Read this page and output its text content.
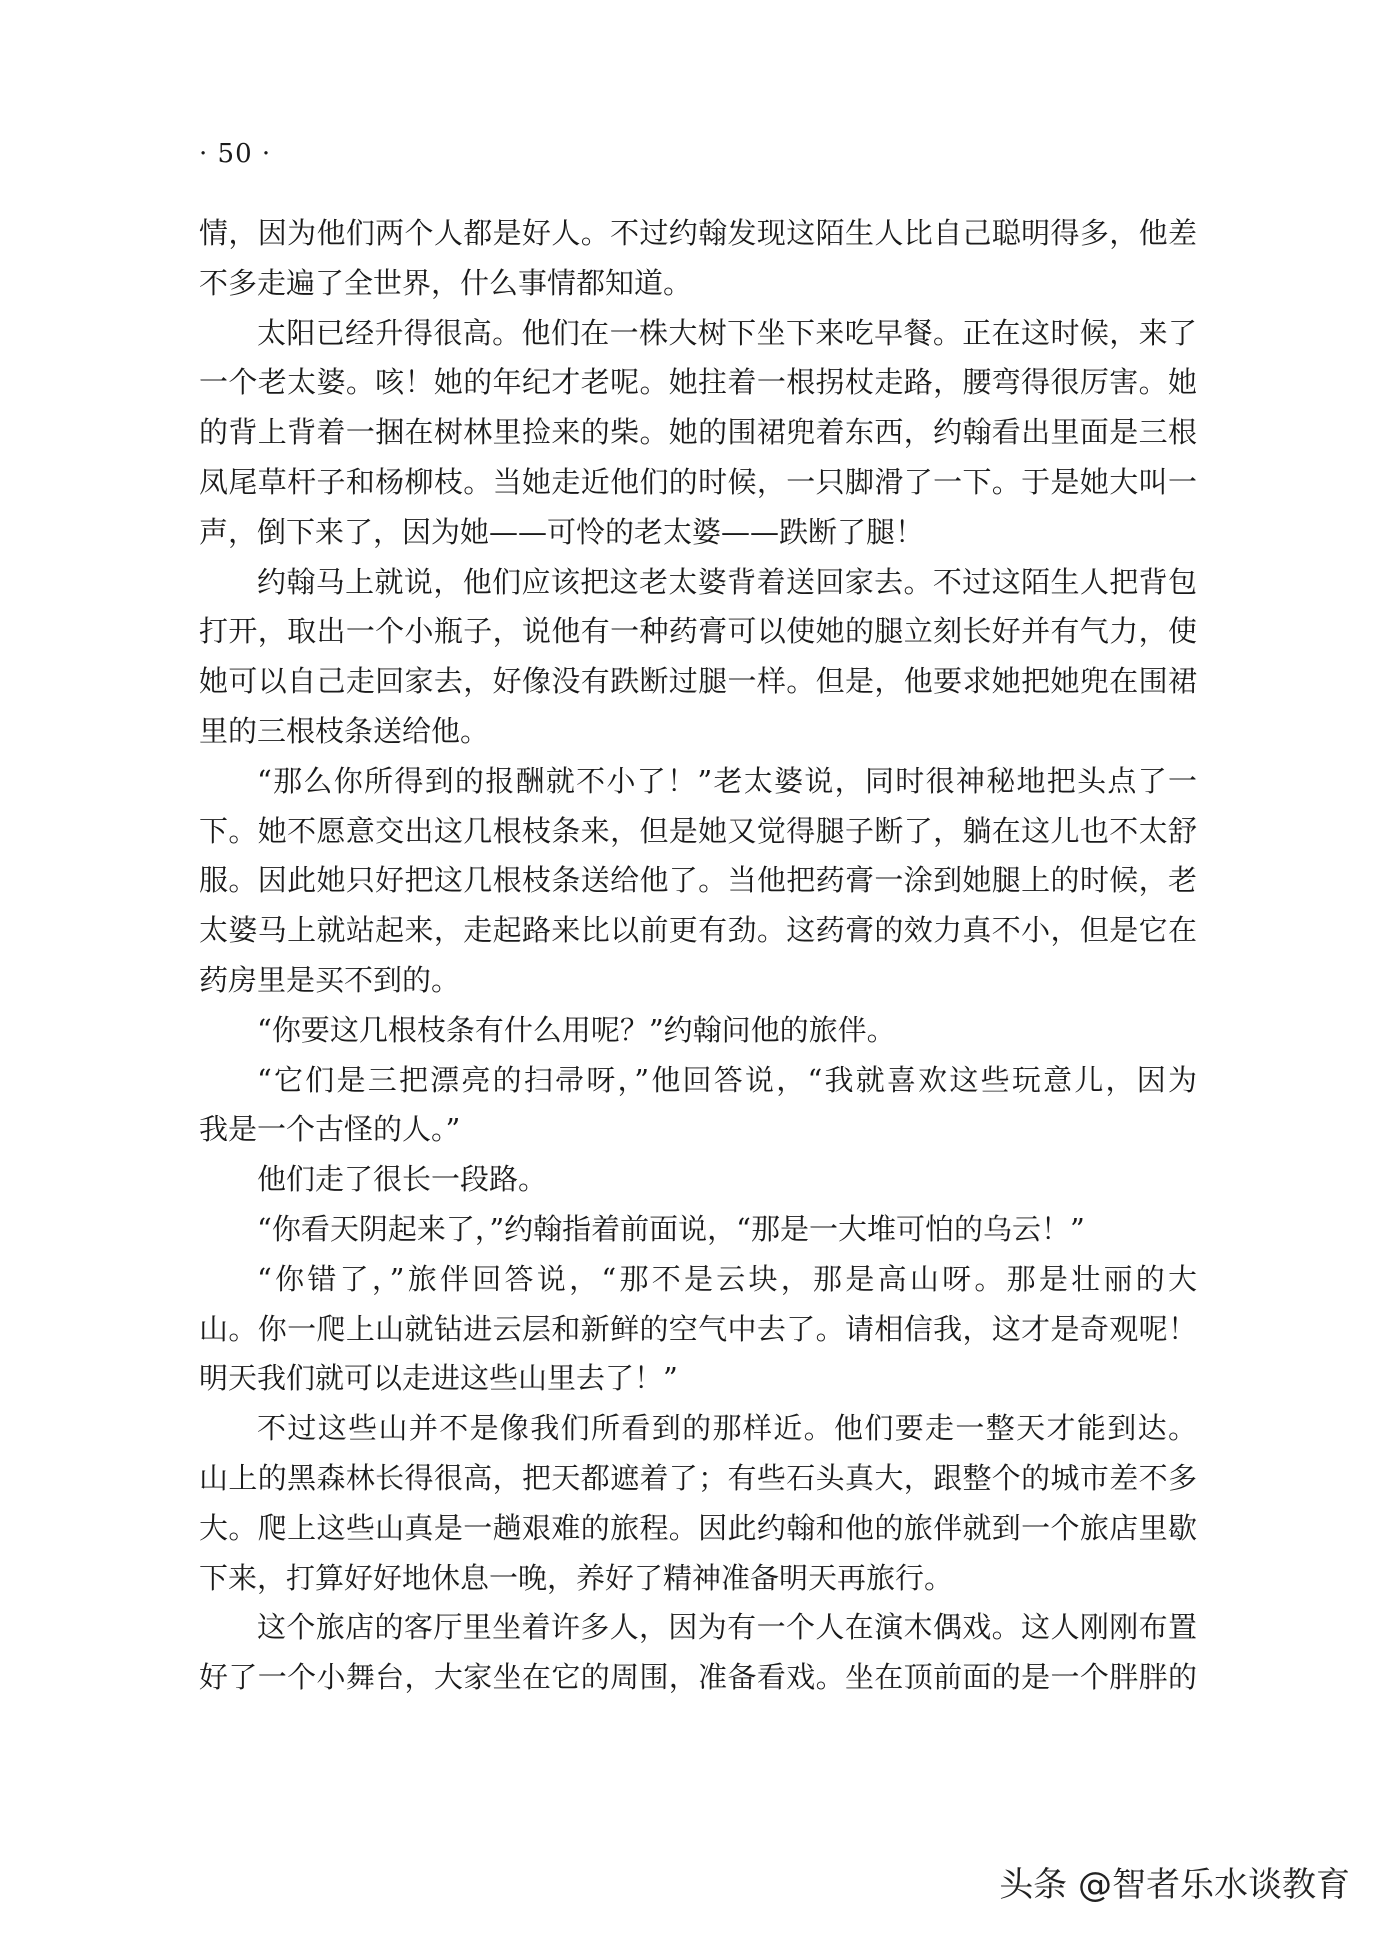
· 50 ·
情，因为他们两个人都是好人。不过约翰发现这陌生人比自己聪明得多，他差
不多走遍了全世界，什么事情都知道。
太阳已经升得很高。他们在一株大树下坐下来吃早餐。正在这时候，来了
一个老太婆。咳！她的年纪才老呢。她拄着一根拐杖走路，腰弯得很厉害。她
的背上背着一捆在树林里捡来的柴。她的围裙兜着东西，约翰看出里面是三根
凤尾草杆子和杨柳枝。当她走近他们的时候，一只脚滑了一下。于是她大叫一
声，倒下来了，因为她——可怜的老太婆——跌断了腿！
约翰马上就说，他们应该把这老太婆背着送回家去。不过这陌生人把背包
打开，取出一个小瓶子，说他有一种药膏可以使她的腿立刻长好并有气力，使
她可以自己走回家去，好像没有跌断过腿一样。但是，他要求她把她兜在围裙
里的三根枝条送给他。
“那么你所得到的报酬就不小了！”老太婆说，同时很神秘地把头点了一
下。她不愿意交出这几根枝条来，但是她又觉得腿子断了，躺在这儿也不太舒
服。因此她只好把这几根枝条送给他了。当他把药膏一涂到她腿上的时候，老
太婆马上就站起来，走起路来比以前更有劲。这药膏的效力真不小，但是它在
药房里是买不到的。
“你要这几根枝条有什么用呢？”约翰问他的旅伴。
“它们是三把漂亮的扫帚呀，”他回答说，“我就喜欢这些玩意儿，因为
我是一个古怪的人。”
他们走了很长一段路。
“你看天阴起来了，”约翰指着前面说，“那是一大堆可怕的乌云！”
“你错了，”旅伴回答说，“那不是云块，那是高山呀。那是壮丽的大
山。你一爬上山就钻进云层和新鲜的空气中去了。请相信我，这才是奇观呢！
明天我们就可以走进这些山里去了！”
不过这些山并不是像我们所看到的那样近。他们要走一整天才能到达。
山上的黑森林长得很高，把天都遮着了；有些石头真大，跟整个的城市差不多
大。爬上这些山真是一趟艰难的旅程。因此约翰和他的旅伴就到一个旅店里歇
下来，打算好好地休息一晚，养好了精神准备明天再旅行。
这个旅店的客厅里坐着许多人，因为有一个人在演木偶戏。这人刚刚布置
好了一个小舞台，大家坐在它的周围，准备看戏。坐在顶前面的是一个胖胖的
头条 @智者乐水谈教育
